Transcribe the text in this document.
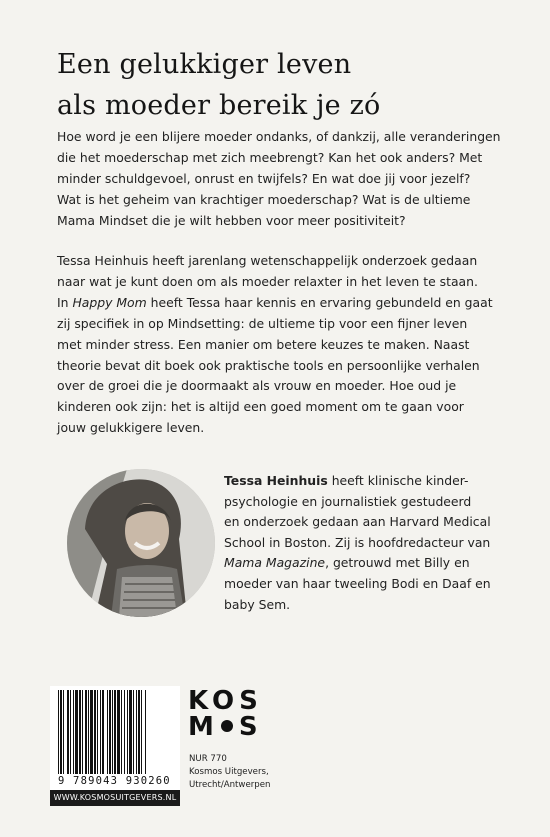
Een gelukkiger leven
als moeder bereik je zó
Hoe word je een blijere moeder ondanks, of dankzij, alle veranderingen
die het moederschap met zich meebrengt? Kan het ook anders? Met
minder schuldgevoel, onrust en twijfels? En wat doe jij voor jezelf?
Wat is het geheim van krachtiger moederschap? Wat is de ultieme
Mama Mindset die je wilt hebben voor meer positiviteit?
Tessa Heinhuis heeft jarenlang wetenschappelijk onderzoek gedaan
naar wat je kunt doen om als moeder relaxter in het leven te staan.
In Happy Mom heeft Tessa haar kennis en ervaring gebundeld en gaat
zij specifiek in op Mindsetting: de ultieme tip voor een fijner leven
met minder stress. Een manier om betere keuzes te maken. Naast
theorie bevat dit boek ook praktische tools en persoonlijke verhalen
over de groei die je doormaakt als vrouw en moeder. Hoe oud je
kinderen ook zijn: het is altijd een goed moment om te gaan voor
jouw gelukkigere leven.
Tessa Heinhuis heeft klinische kinder-
psychologie en journalistiek gestudeerd
en onderzoek gedaan aan Harvard Medical
School in Boston. Zij is hoofdredacteur van
Mama Magazine, getrouwd met Billy en
moeder van haar tweeling Bodi en Daaf en
baby Sem.
9 789043 930260
WWW.KOSMOSUITGEVERS.NL
KOS
M S
NUR 770
Kosmos Uitgevers,
Utrecht/Antwerpen
